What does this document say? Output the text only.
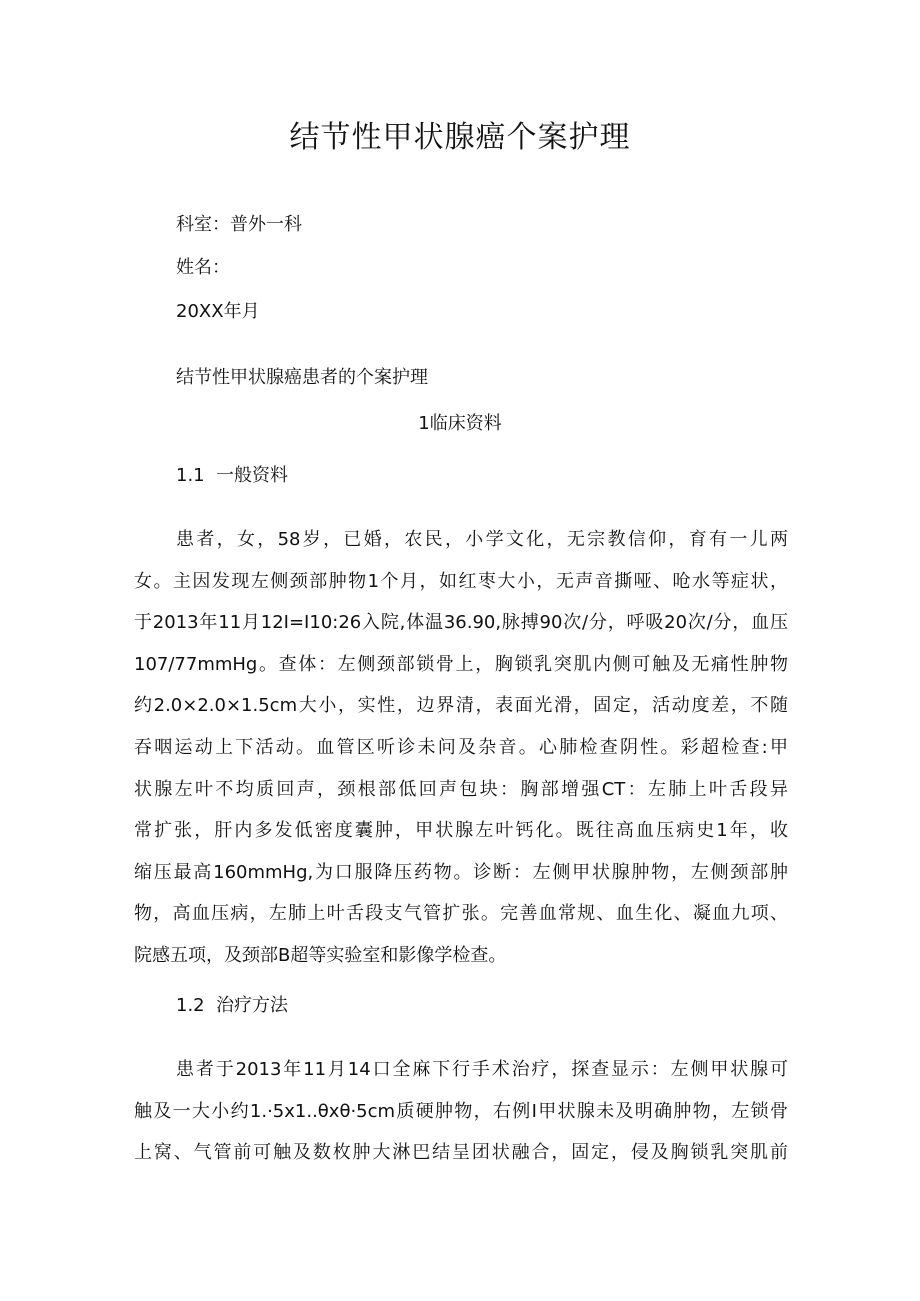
结节性甲状腺癌个案护理
科室：普外一科
姓名：
20XX年月
结节性甲状腺癌患者的个案护理
1临床资料
1.1 一般资料
患者，女，58岁，已婚，农民，小学文化，无宗教信仰，育有一儿两
女。主因发现左侧颈部肿物1个月，如红枣大小，无声音撕哑、呛水等症状，
于2013年11月12I=I10:26入院,体温36.90,脉搏90次/分，呼吸20次/分，血压
107/77mmHg。查体：左侧颈部锁骨上，胸锁乳突肌内侧可触及无痛性肿物
约2.0×2.0×1.5cm大小，实性，边界清，表面光滑，固定，活动度差，不随
吞咽运动上下活动。血管区听诊未问及杂音。心肺检查阴性。彩超检查:甲
状腺左叶不均质回声，颈根部低回声包块：胸部增强CT：左肺上叶舌段异
常扩张，肝内多发低密度囊肿，甲状腺左叶钙化。既往高血压病史1年，收
缩压最高160mmHg,为口服降压药物。诊断：左侧甲状腺肿物，左侧颈部肿
物，高血压病，左肺上叶舌段支气管扩张。完善血常规、血生化、凝血九项、
院感五项，及颈部B超等实验室和影像学检查。
1.2 治疗方法
患者于2013年11月14口全麻下行手术治疗，探查显示：左侧甲状腺可
触及一大小约1.·5x1..θxθ·5cm质硬肿物，右例I甲状腺未及明确肿物，左锁骨
上窝、气管前可触及数枚肿大淋巴结呈团状融合，固定，侵及胸锁乳突肌前
